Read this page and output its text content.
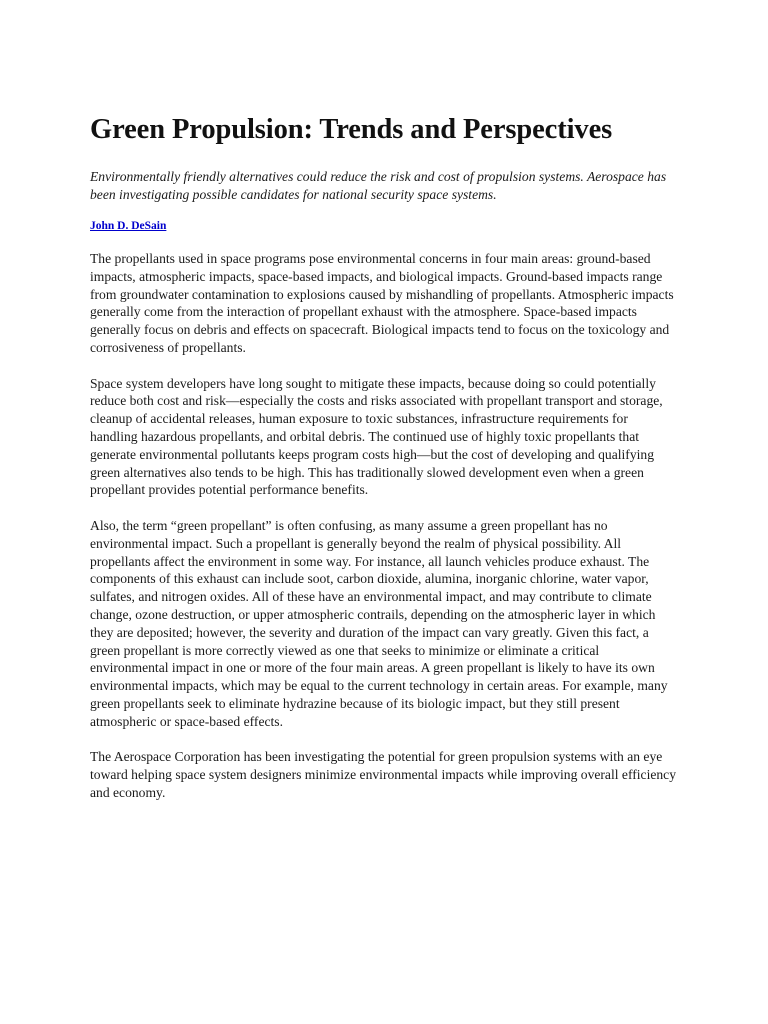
Green Propulsion: Trends and Perspectives

Environmentally friendly alternatives could reduce the risk and cost of propulsion systems. Aerospace has been investigating possible candidates for national security space systems.

John D. DeSain

The propellants used in space programs pose environmental concerns in four main areas: ground-based impacts, atmospheric impacts, space-based impacts, and biological impacts. Ground-based impacts range from groundwater contamination to explosions caused by mishandling of propellants. Atmospheric impacts generally come from the interaction of propellant exhaust with the atmosphere. Space-based impacts generally focus on debris and effects on spacecraft. Biological impacts tend to focus on the toxicology and corrosiveness of propellants.

Space system developers have long sought to mitigate these impacts, because doing so could potentially reduce both cost and risk—especially the costs and risks associated with propellant transport and storage, cleanup of accidental releases, human exposure to toxic substances, infrastructure requirements for handling hazardous propellants, and orbital debris. The continued use of highly toxic propellants that generate environmental pollutants keeps program costs high—but the cost of developing and qualifying green alternatives also tends to be high. This has traditionally slowed development even when a green propellant provides potential performance benefits.

Also, the term “green propellant” is often confusing, as many assume a green propellant has no environmental impact. Such a propellant is generally beyond the realm of physical possibility. All propellants affect the environment in some way. For instance, all launch vehicles produce exhaust. The components of this exhaust can include soot, carbon dioxide, alumina, inorganic chlorine, water vapor, sulfates, and nitrogen oxides. All of these have an environmental impact, and may contribute to climate change, ozone destruction, or upper atmospheric contrails, depending on the atmospheric layer in which they are deposited; however, the severity and duration of the impact can vary greatly. Given this fact, a green propellant is more correctly viewed as one that seeks to minimize or eliminate a critical environmental impact in one or more of the four main areas. A green propellant is likely to have its own environmental impacts, which may be equal to the current technology in certain areas. For example, many green propellants seek to eliminate hydrazine because of its biologic impact, but they still present atmospheric or space-based effects.

The Aerospace Corporation has been investigating the potential for green propulsion systems with an eye toward helping space system designers minimize environmental impacts while improving overall efficiency and economy.
